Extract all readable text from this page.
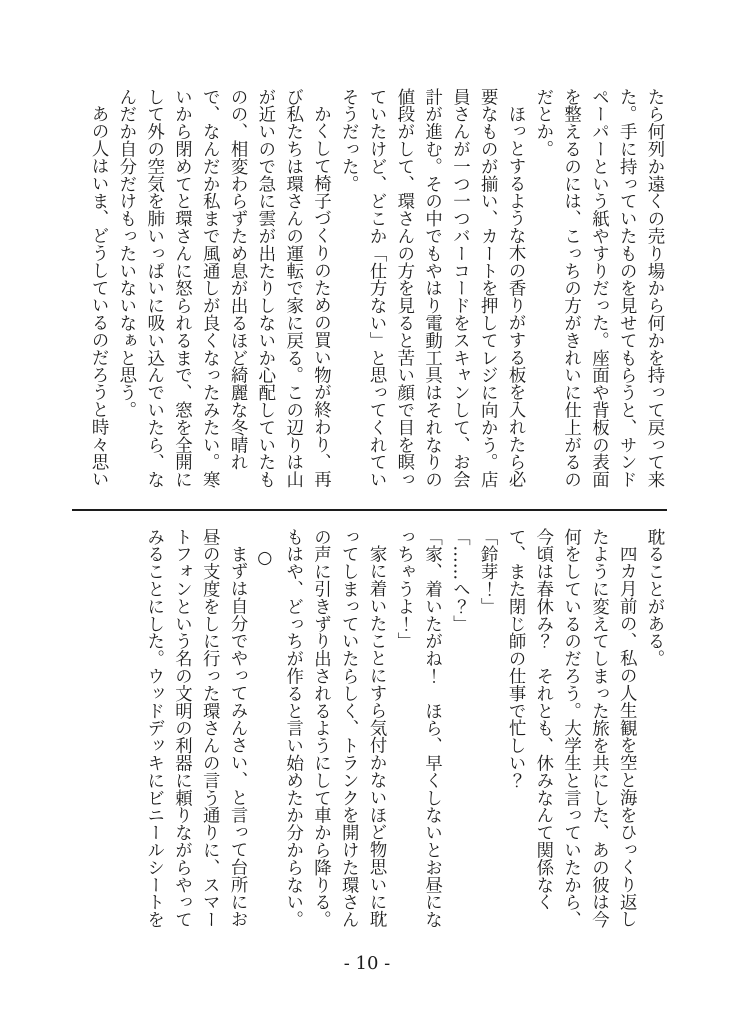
たら何列か遠くの売り場から何かを持って戻って来た。手に持っていたものを見せてもらうと、サンドペーパーという紙やすりだった。座面や背板の表面を整えるのには、こっちの方がきれいに仕上がるのだとか。

ほっとするような木の香りがする板を入れたら必要なものが揃い、カートを押してレジに向かう。店員さんが一つ一つバーコードをスキャンして、お会計が進む。その中でもやはり電動工具はそれなりの値段がして、環さんの方を見ると苦い顔で目を瞑っていたけど、どこか「仕方ない」と思ってくれていそうだった。

かくして椅子づくりのための買い物が終わり、再び私たちは環さんの運転で家に戻る。この辺りは山が近いので急に雲が出たりしないか心配していたものの、相変わらずため息が出るほど綺麗な冬晴れで、なんだか私まで風通しが良くなったみたい。寒いから閉めてと環さんに怒られるまで、窓を全開にして外の空気を肺いっぱいに吸い込んでいたら、なんだか自分だけもったいないなぁと思う。

あの人はいま、どうしているのだろうと時々思い

耽ることがある。

四カ月前の、私の人生観を空と海をひっくり返したように変えてしまった旅を共にした、あの彼は今何をしているのだろう。大学生と言っていたから、今頃は春休み？　それとも、休みなんて関係なくて、また閉じ師の仕事で忙しい？

「鈴芽！」

「……へ？」

「家、着いたがね！　ほら、早くしないとお昼になっちゃうよ！」

家に着いたことにすら気付かないほど物思いに耽ってしまっていたらしく、トランクを開けた環さんの声に引きずり出されるようにして車から降りる。もはや、どっちが作ると言い始めたか分からない。

○

まずは自分でやってみんさい、と言って台所にお昼の支度をしに行った環さんの言う通りに、スマートフォンという名の文明の利器に頼りながらやってみることにした。ウッドデッキにビニールシートを

- 10 -
